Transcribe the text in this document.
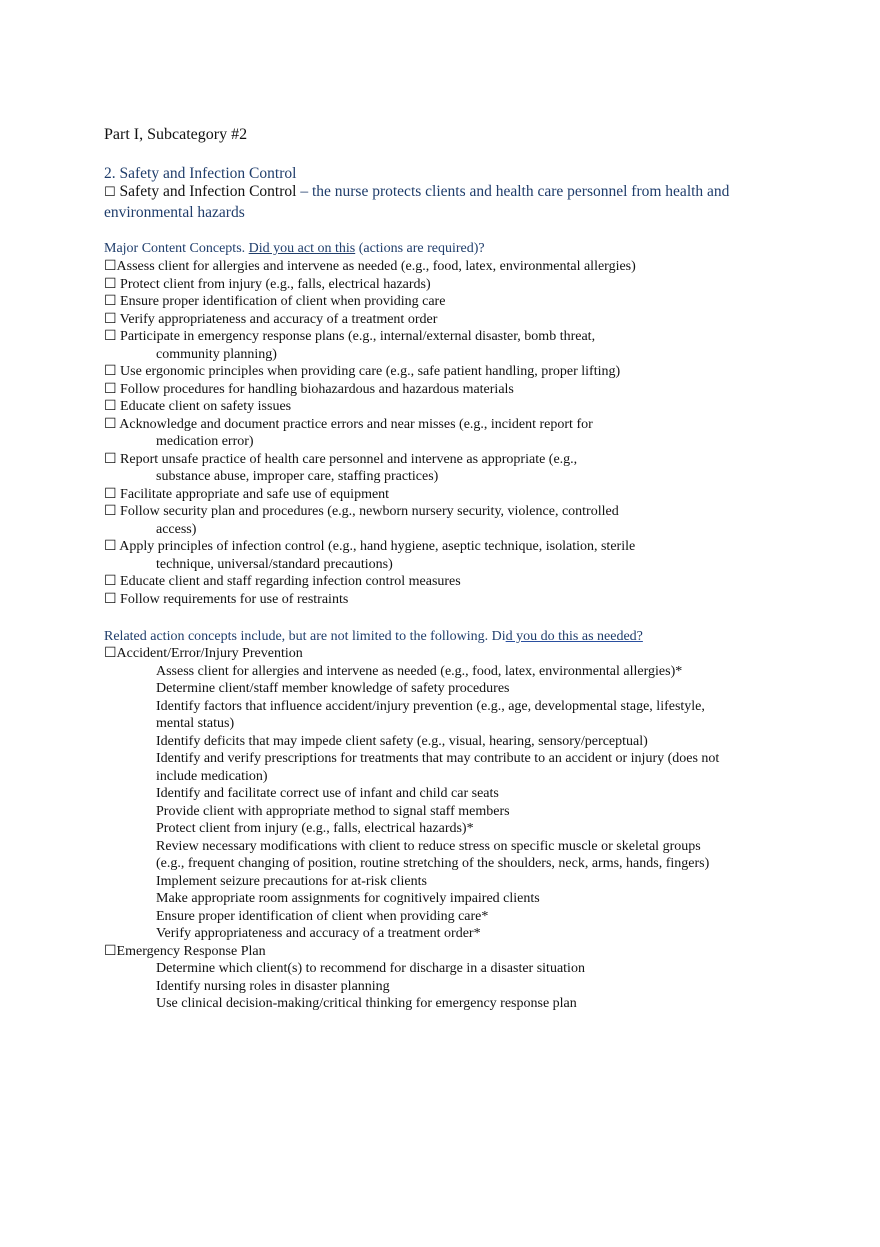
Part I, Subcategory #2
2. Safety and Infection Control
☐ Safety and Infection Control – the nurse protects clients and health care personnel from health and environmental hazards
Major Content Concepts. Did you act on this (actions are required)?
☐Assess client for allergies and intervene as needed (e.g., food, latex, environmental allergies)
☐ Protect client from injury (e.g., falls, electrical hazards)
☐ Ensure proper identification of client when providing care
☐ Verify appropriateness and accuracy of a treatment order
☐ Participate in emergency response plans (e.g., internal/external disaster, bomb threat, community planning)
☐ Use ergonomic principles when providing care (e.g., safe patient handling, proper lifting)
☐ Follow procedures for handling biohazardous and hazardous materials
☐ Educate client on safety issues
☐ Acknowledge and document practice errors and near misses (e.g., incident report for medication error)
☐ Report unsafe practice of health care personnel and intervene as appropriate (e.g., substance abuse, improper care, staffing practices)
☐ Facilitate appropriate and safe use of equipment
☐ Follow security plan and procedures (e.g., newborn nursery security, violence, controlled access)
☐ Apply principles of infection control (e.g., hand hygiene, aseptic technique, isolation, sterile technique, universal/standard precautions)
☐ Educate client and staff regarding infection control measures
☐ Follow requirements for use of restraints
Related action concepts include, but are not limited to the following. Did you do this as needed?
☐Accident/Error/Injury Prevention
Assess client for allergies and intervene as needed (e.g., food, latex, environmental allergies)*
Determine client/staff member knowledge of safety procedures
Identify factors that influence accident/injury prevention (e.g., age, developmental stage, lifestyle, mental status)
Identify deficits that may impede client safety (e.g., visual, hearing, sensory/perceptual)
Identify and verify prescriptions for treatments that may contribute to an accident or injury (does not include medication)
Identify and facilitate correct use of infant and child car seats
Provide client with appropriate method to signal staff members
Protect client from injury (e.g., falls, electrical hazards)*
Review necessary modifications with client to reduce stress on specific muscle or skeletal groups (e.g., frequent changing of position, routine stretching of the shoulders, neck, arms, hands, fingers)
Implement seizure precautions for at-risk clients
Make appropriate room assignments for cognitively impaired clients
Ensure proper identification of client when providing care*
Verify appropriateness and accuracy of a treatment order*
☐Emergency Response Plan
Determine which client(s) to recommend for discharge in a disaster situation
Identify nursing roles in disaster planning
Use clinical decision-making/critical thinking for emergency response plan
